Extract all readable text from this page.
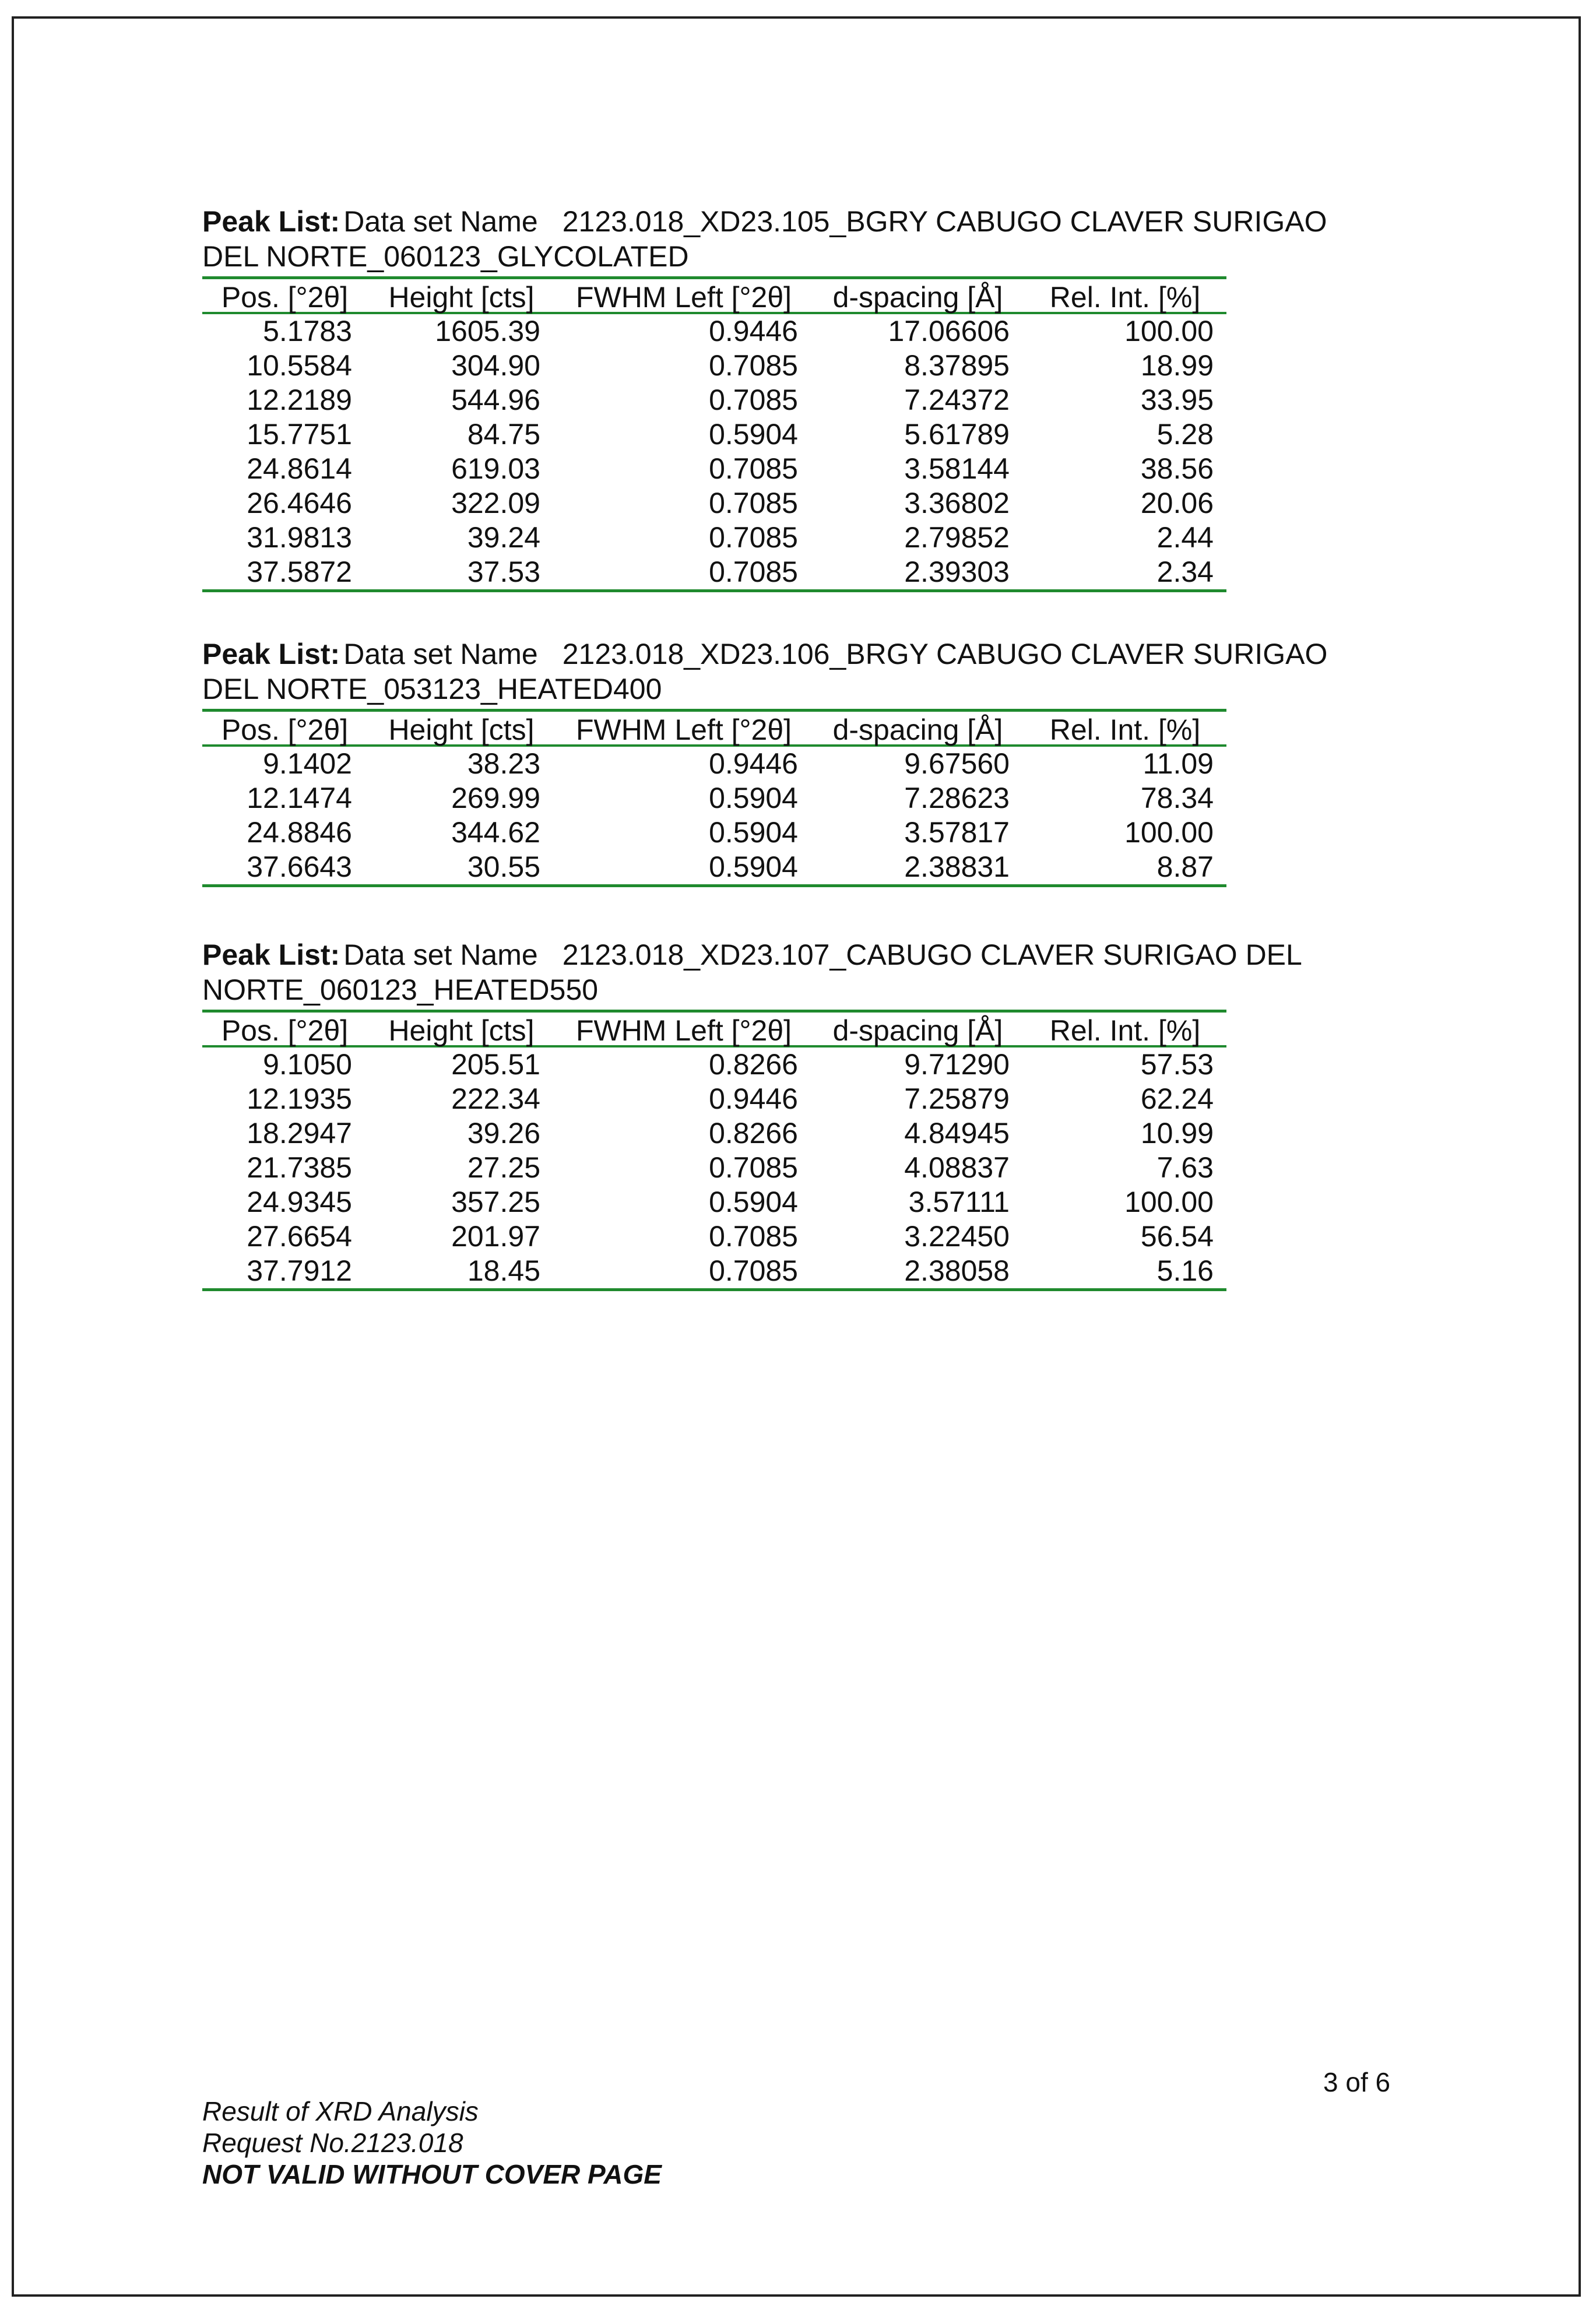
Peak List: Data set Name 2123.018_XD23.105_BGRY CABUGO CLAVER SURIGAO
DEL NORTE_060123_GLYCOLATED

Pos. [°2θ]	Height [cts]	FWHM Left [°2θ]	d-spacing [Å]	Rel. Int. [%]
5.1783	1605.39	0.9446	17.06606	100.00
10.5584	304.90	0.7085	8.37895	18.99
12.2189	544.96	0.7085	7.24372	33.95
15.7751	84.75	0.5904	5.61789	5.28
24.8614	619.03	0.7085	3.58144	38.56
26.4646	322.09	0.7085	3.36802	20.06
31.9813	39.24	0.7085	2.79852	2.44
37.5872	37.53	0.7085	2.39303	2.34

Peak List: Data set Name 2123.018_XD23.106_BRGY CABUGO CLAVER SURIGAO
DEL NORTE_053123_HEATED400

Pos. [°2θ]	Height [cts]	FWHM Left [°2θ]	d-spacing [Å]	Rel. Int. [%]
9.1402	38.23	0.9446	9.67560	11.09
12.1474	269.99	0.5904	7.28623	78.34
24.8846	344.62	0.5904	3.57817	100.00
37.6643	30.55	0.5904	2.38831	8.87

Peak List: Data set Name 2123.018_XD23.107_CABUGO CLAVER SURIGAO DEL
NORTE_060123_HEATED550

Pos. [°2θ]	Height [cts]	FWHM Left [°2θ]	d-spacing [Å]	Rel. Int. [%]
9.1050	205.51	0.8266	9.71290	57.53
12.1935	222.34	0.9446	7.25879	62.24
18.2947	39.26	0.8266	4.84945	10.99
21.7385	27.25	0.7085	4.08837	7.63
24.9345	357.25	0.5904	3.57111	100.00
27.6654	201.97	0.7085	3.22450	56.54
37.7912	18.45	0.7085	2.38058	5.16
3 of 6
Result of XRD Analysis
Request No.2123.018
NOT VALID WITHOUT COVER PAGE
